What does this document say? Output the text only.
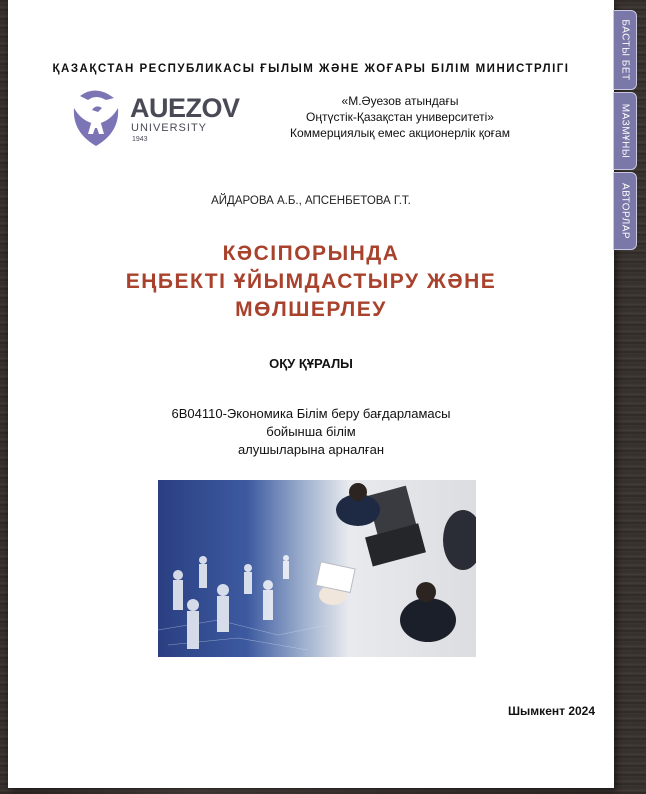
ҚАЗАҚСТАН РЕСПУБЛИКАСЫ ҒЫЛЫМ ЖӘНЕ ЖОҒАРЫ БІЛІМ МИНИСТРЛІГІ
AUEZOV
UNIVERSITY
1943
«М.Әуезов атындағы
Оңтүстік-Қазақстан университеті»
Коммерциялық емес акционерлік қоғам
АЙДАРОВА А.Б., АПСЕНБЕТОВА Г.Т.
КӘСІПОРЫНДА
ЕҢБЕКТІ ҰЙЫМДАСТЫРУ ЖӘНЕ
МӨЛШЕРЛЕУ
ОҚУ ҚҰРАЛЫ
6В04110-Экономика Білім беру бағдарламасы бойынша білім
алушыларына арналған
Шымкент 2024
БАСТЫ БЕТ
МАЗМҰНЫ
АВТОРЛАР
